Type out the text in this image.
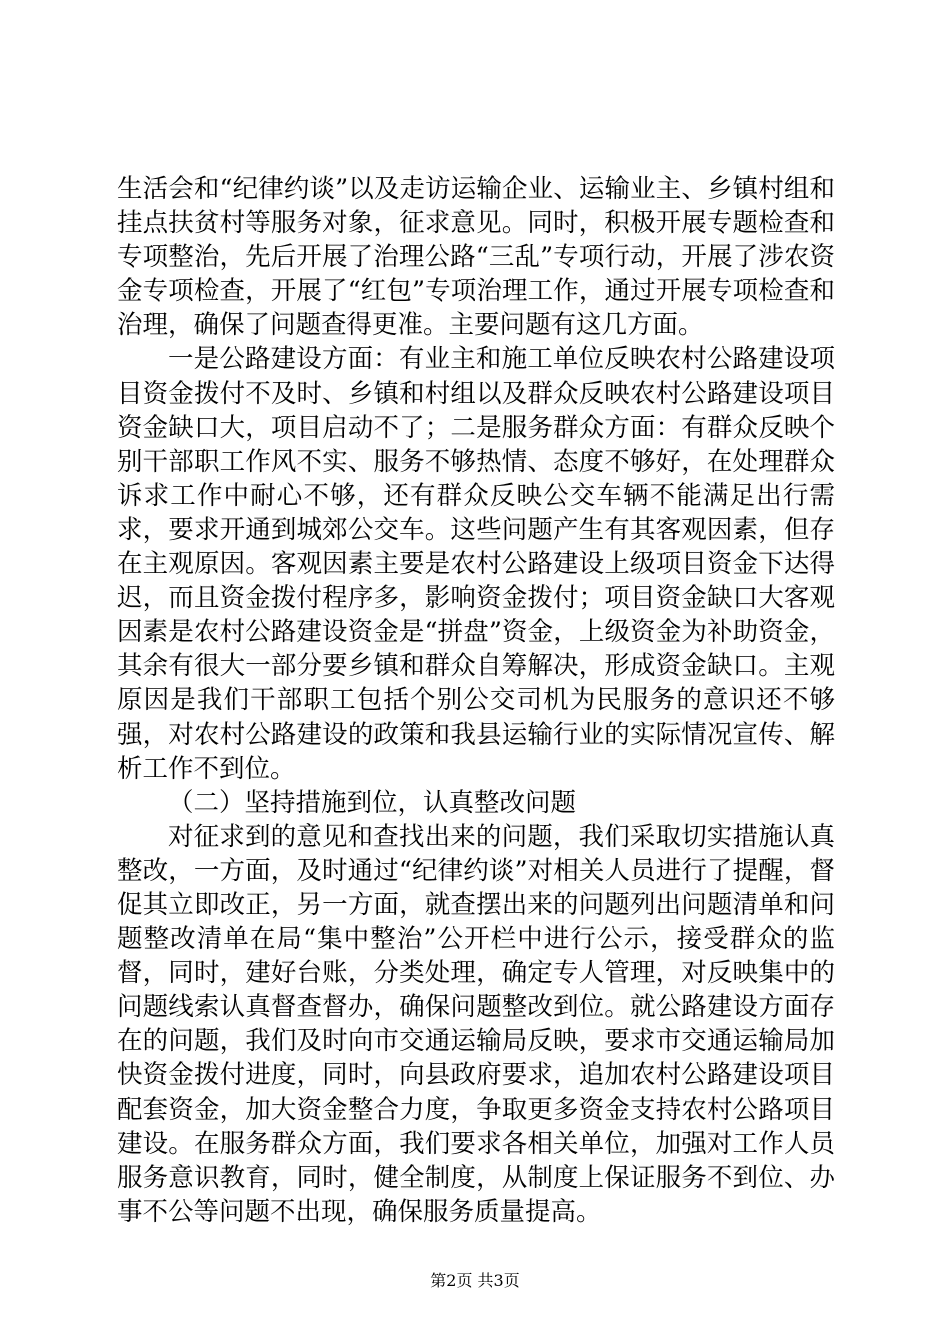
生活会和“纪律约谈”以及走访运输企业、运输业主、乡镇村组和挂点扶贫村等服务对象，征求意见。同时，积极开展专题检查和专项整治，先后开展了治理公路“三乱”专项行动，开展了涉农资金专项检查，开展了“红包”专项治理工作，通过开展专项检查和治理，确保了问题查得更准。主要问题有这几方面。

一是公路建设方面：有业主和施工单位反映农村公路建设项目资金拨付不及时、乡镇和村组以及群众反映农村公路建设项目资金缺口大，项目启动不了；二是服务群众方面：有群众反映个别干部职工作风不实、服务不够热情、态度不够好，在处理群众诉求工作中耐心不够，还有群众反映公交车辆不能满足出行需求，要求开通到城郊公交车。这些问题产生有其客观因素，但存在主观原因。客观因素主要是农村公路建设上级项目资金下达得迟，而且资金拨付程序多，影响资金拨付；项目资金缺口大客观因素是农村公路建设资金是“拼盘”资金，上级资金为补助资金，其余有很大一部分要乡镇和群众自筹解决，形成资金缺口。主观原因是我们干部职工包括个别公交司机为民服务的意识还不够强，对农村公路建设的政策和我县运输行业的实际情况宣传、解析工作不到位。

（二）坚持措施到位，认真整改问题

对征求到的意见和查找出来的问题，我们采取切实措施认真整改，一方面，及时通过“纪律约谈”对相关人员进行了提醒，督促其立即改正，另一方面，就查摆出来的问题列出问题清单和问题整改清单在局“集中整治”公开栏中进行公示，接受群众的监督，同时，建好台账，分类处理，确定专人管理，对反映集中的问题线索认真督查督办，确保问题整改到位。就公路建设方面存在的问题，我们及时向市交通运输局反映，要求市交通运输局加快资金拨付进度，同时，向县政府要求，追加农村公路建设项目配套资金，加大资金整合力度，争取更多资金支持农村公路项目建设。在服务群众方面，我们要求各相关单位，加强对工作人员服务意识教育，同时，健全制度，从制度上保证服务不到位、办事不公等问题不出现，确保服务质量提高。

第2页 共3页
